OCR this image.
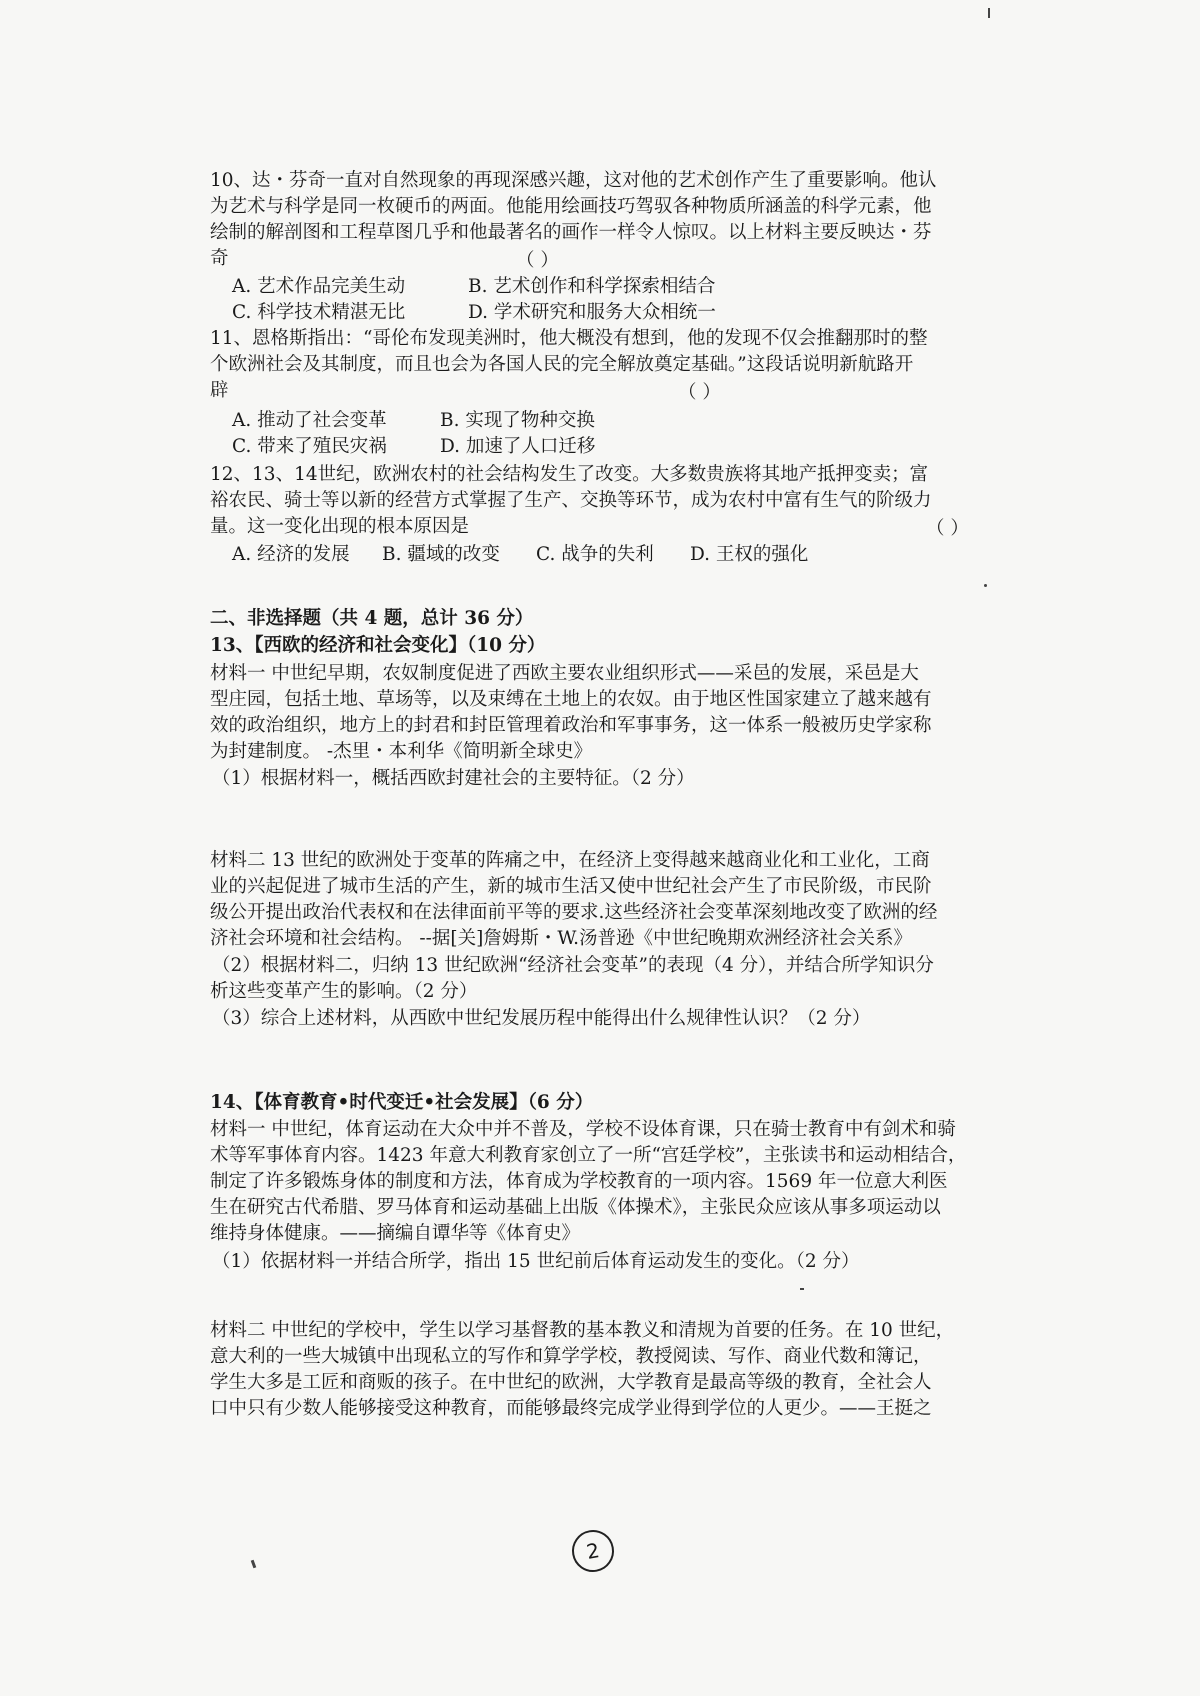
10、达・芬奇一直对自然现象的再现深感兴趣，这对他的艺术创作产生了重要影响。他认
为艺术与科学是同一枚硬币的两面。他能用绘画技巧驾驭各种物质所涵盖的科学元素，他
绘制的解剖图和工程草图几乎和他最著名的画作一样令人惊叹。以上材料主要反映达・芬
奇	（ ）
A. 艺术作品完美生动	B. 艺术创作和科学探索相结合
C. 科学技术精湛无比	D. 学术研究和服务大众相统一
11、恩格斯指出：“哥伦布发现美洲时，他大概没有想到，他的发现不仅会推翻那时的整
个欧洲社会及其制度，而且也会为各国人民的完全解放奠定基础。”这段话说明新航路开
辟	（ ）
A. 推动了社会变革	B. 实现了物种交换
C. 带来了殖民灾祸	D. 加速了人口迁移
12、13、14世纪，欧洲农村的社会结构发生了改变。大多数贵族将其地产抵押变卖；富
裕农民、骑士等以新的经营方式掌握了生产、交换等环节，成为农村中富有生气的阶级力
量。这一变化出现的根本原因是	（ ）
A. 经济的发展 B. 疆域的改变 C. 战争的失利 D. 王权的强化
二、非选择题（共 4 题，总计 36 分）
13、【西欧的经济和社会变化】（10 分）
材料一 中世纪早期，农奴制度促进了西欧主要农业组织形式——采邑的发展，采邑是大
型庄园，包括土地、草场等，以及束缚在土地上的农奴。由于地区性国家建立了越来越有
效的政治组织，地方上的封君和封臣管理着政治和军事事务，这一体系一般被历史学家称
为封建制度。 -杰里・本利华《简明新全球史》
（1）根据材料一，概括西欧封建社会的主要特征。（2 分）
材料二 13 世纪的欧洲处于变革的阵痛之中，在经济上变得越来越商业化和工业化，工商
业的兴起促进了城市生活的产生，新的城市生活又使中世纪社会产生了市民阶级，市民阶
级公开提出政治代表权和在法律面前平等的要求.这些经济社会变革深刻地改变了欧洲的经
济社会环境和社会结构。 --据[关]詹姆斯・W.汤普逊《中世纪晚期欢洲经济社会关系》
（2）根据材料二，归纳 13 世纪欧洲“经济社会变革”的表现（4 分），并结合所学知识分
析这些变革产生的影响。（2 分）
（3）综合上述材料，从西欧中世纪发展历程中能得出什么规律性认识？（2 分）
14、【体育教育•时代变迁•社会发展】（6 分）
材料一 中世纪，体育运动在大众中并不普及，学校不设体育课，只在骑士教育中有剑术和骑
术等军事体育内容。1423 年意大利教育家创立了一所“宫廷学校”，主张读书和运动相结合，
制定了许多锻炼身体的制度和方法，体育成为学校教育的一项内容。1569 年一位意大利医
生在研究古代希腊、罗马体育和运动基础上出版《体操术》，主张民众应该从事多项运动以
维持身体健康。——摘编自谭华等《体育史》
（1）依据材料一并结合所学，指出 15 世纪前后体育运动发生的变化。（2 分）
材料二 中世纪的学校中，学生以学习基督教的基本教义和清规为首要的任务。在 10 世纪，
意大利的一些大城镇中出现私立的写作和算学学校，教授阅读、写作、商业代数和簿记，
学生大多是工匠和商贩的孩子。在中世纪的欧洲，大学教育是最高等级的教育，全社会人
口中只有少数人能够接受这种教育，而能够最终完成学业得到学位的人更少。——王挺之
2
